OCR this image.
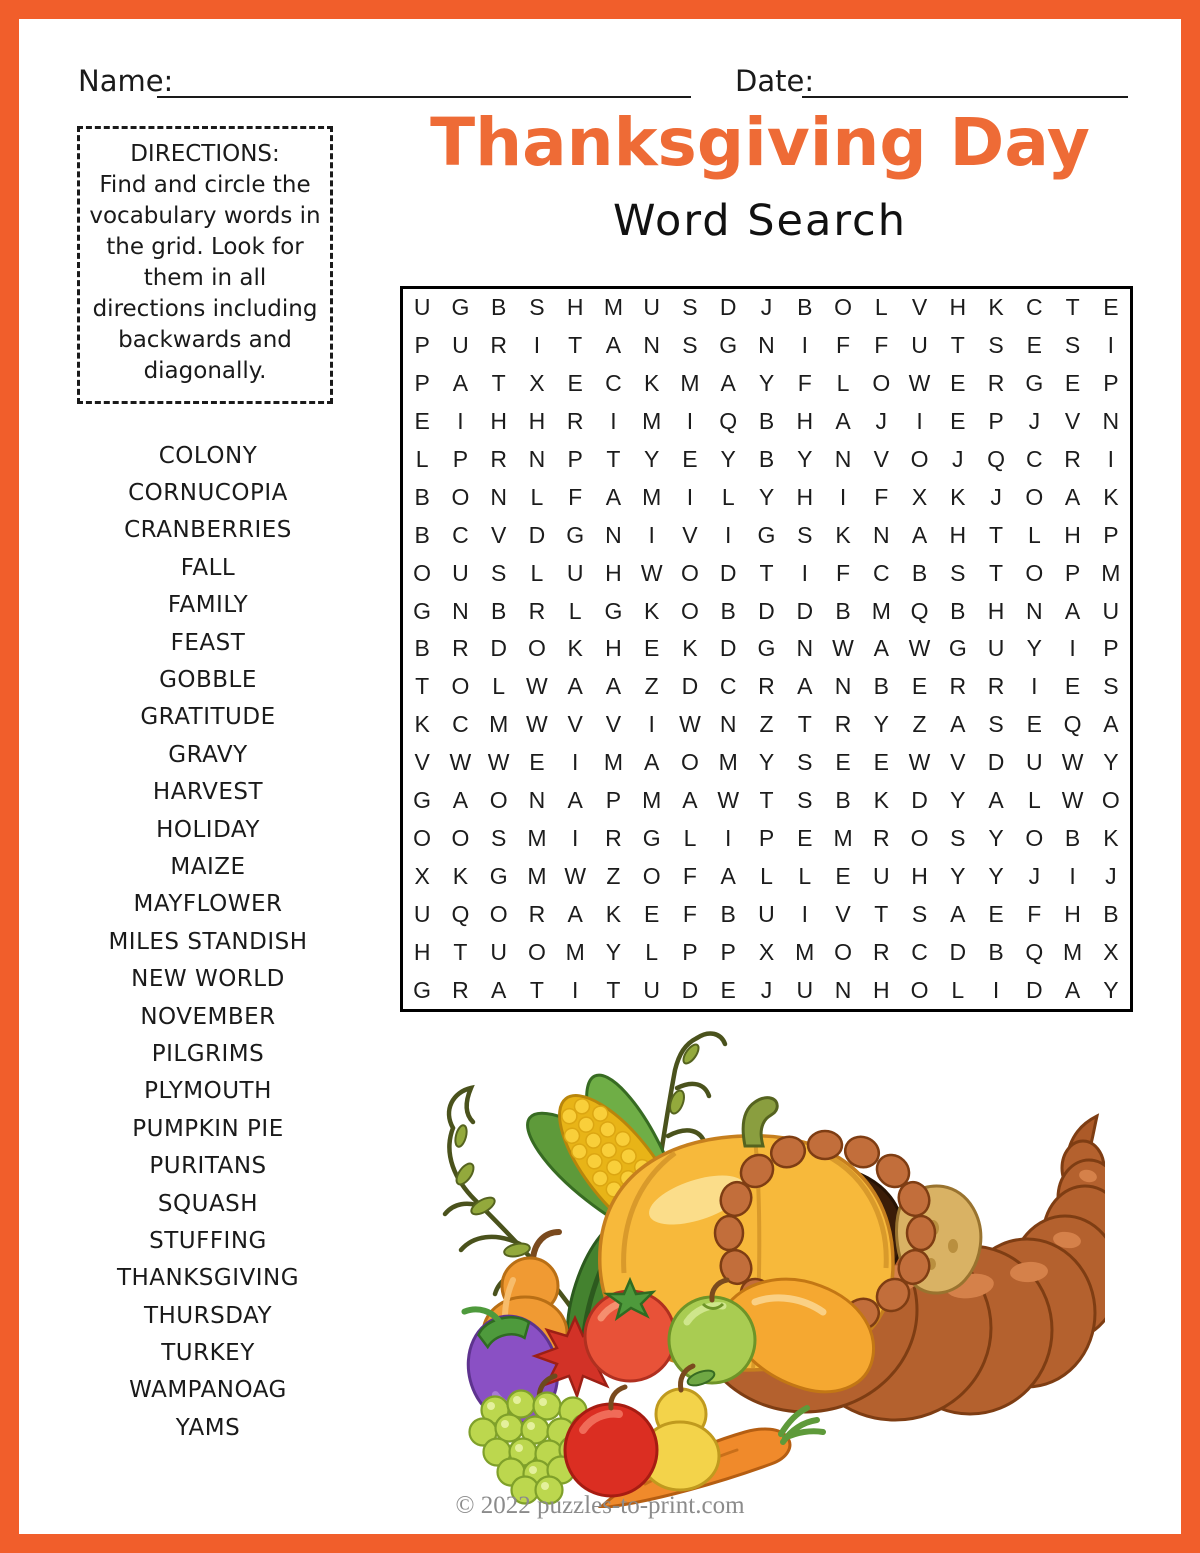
Name:	Date:
DIRECTIONS:
Find and circle the vocabulary words in the grid. Look for them in all directions including backwards and diagonally.
Thanksgiving Day
Word Search
COLONY
CORNUCOPIA
CRANBERRIES
FALL
FAMILY
FEAST
GOBBLE
GRATITUDE
GRAVY
HARVEST
HOLIDAY
MAIZE
MAYFLOWER
MILES STANDISH
NEW WORLD
NOVEMBER
PILGRIMS
PLYMOUTH
PUMPKIN PIE
PURITANS
SQUASH
STUFFING
THANKSGIVING
THURSDAY
TURKEY
WAMPANOAG
YAMS
U G B S H M U S D	J	B O L	V H K C T	E
P U R	I	T	A N S G N	I	F	F U T	S E S	I
P A	T	X E C K M A Y	F	L O W E R G E P
E	I	H H R	I	M	I	Q B H A	J	I	E P	J	V N
L	P R N P	T	Y E Y B Y N V O	J	Q C R	I
B O N	L	F	A M	I	L	Y H	I	F	X K	J	O A K
B C V D G N	I	V	I	G S K N A H T	L	H P
O U S	L	U H W O D T	I	F C B S	T O P M
G N B R	L G K O B D D B M Q B H N A U
B R D O K H E K D G N W A W G U Y	I	P
T O L W A A	Z D C R A N B E R R	I	E S
K C M W V V	I	W N Z	T R Y	Z	A S E Q A
V W W E	I	M A O M Y S E E W V D U W Y
G A O N A P M A W T	S B K D Y A	L W O
O O S M	I	R G L	I	P E M R O S Y O B K
X K G M W Z O F	A	L	L	E U H Y Y	J	I	J
U Q O R A K E	F	B U	I	V	T	S A E	F H B
H T U O M Y	L	P P X M O R C D B Q M X
G R A	T	I	T U D E	J	U N H O L	I	D A Y
© 2022 puzzles-to-print.com
